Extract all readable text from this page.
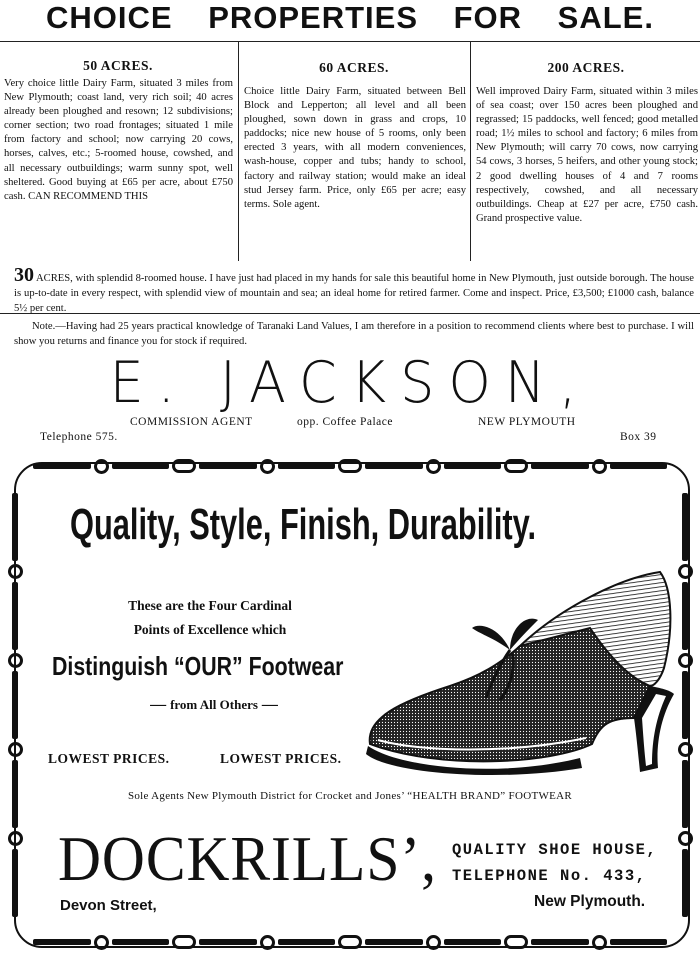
CHOICE PROPERTIES FOR SALE.
50 ACRES.
Very choice little Dairy Farm, situated 3 miles from New Plymouth; coast land, very rich soil; 40 acres already been ploughed and resown; 12 subdivisions; corner section; two road frontages; situated 1 mile from factory and school; now carrying 20 cows, horses, calves, etc.; 5-roomed house, cowshed, and all necessary outbuildings; warm sunny spot, well sheltered. Good buying at £65 per acre, about £750 cash. CAN RECOMMEND THIS
60 ACRES.
Choice little Dairy Farm, situated between Bell Block and Lepperton; all level and all been ploughed, sown down in grass and crops, 10 paddocks; nice new house of 5 rooms, only been erected 3 years, with all modern conveniences, wash-house, copper and tubs; handy to school, factory and railway station; would make an ideal stud Jersey farm. Price, only £65 per acre; easy terms. Sole agent.
200 ACRES.
Well improved Dairy Farm, situated within 3 miles of sea coast; over 150 acres been ploughed and regrassed; 15 paddocks, well fenced; good metalled road; 1½ miles to school and factory; 6 miles from New Plymouth; will carry 70 cows, now carrying 54 cows, 3 horses, 5 heifers, and other young stock; 2 good dwelling houses of 4 and 7 rooms respectively, cowshed, and all necessary outbuildings. Cheap at £27 per acre, £750 cash. Grand prospective value.
30 ACRES, with splendid 8-roomed house. I have just had placed in my hands for sale this beautiful home in New Plymouth, just outside borough. The house is up-to-date in every respect, with splendid view of mountain and sea; an ideal home for retired farmer. Come and inspect. Price, £3,500; £1000 cash, balance 5½ per cent.
Note.—Having had 25 years practical knowledge of Taranaki Land Values, I am therefore in a position to recommend clients where best to purchase. I will show you returns and finance you for stock if required.
E. JACKSON,
COMMISSION AGENT	opp. Coffee Palace	NEW PLYMOUTH
Telephone 575.	Box 39
Quality, Style, Finish, Durability.
These are the Four Cardinal
Points of Excellence which
Distinguish “OUR” Footwear
— from All Others —
LOWEST PRICES.	LOWEST PRICES.
Sole Agents New Plymouth District for Crocket and Jones’ “HEALTH BRAND” FOOTWEAR
DOCKRILLS’,
Devon Street,
QUALITY SHOE HOUSE,
TELEPHONE No. 433,
New Plymouth.
